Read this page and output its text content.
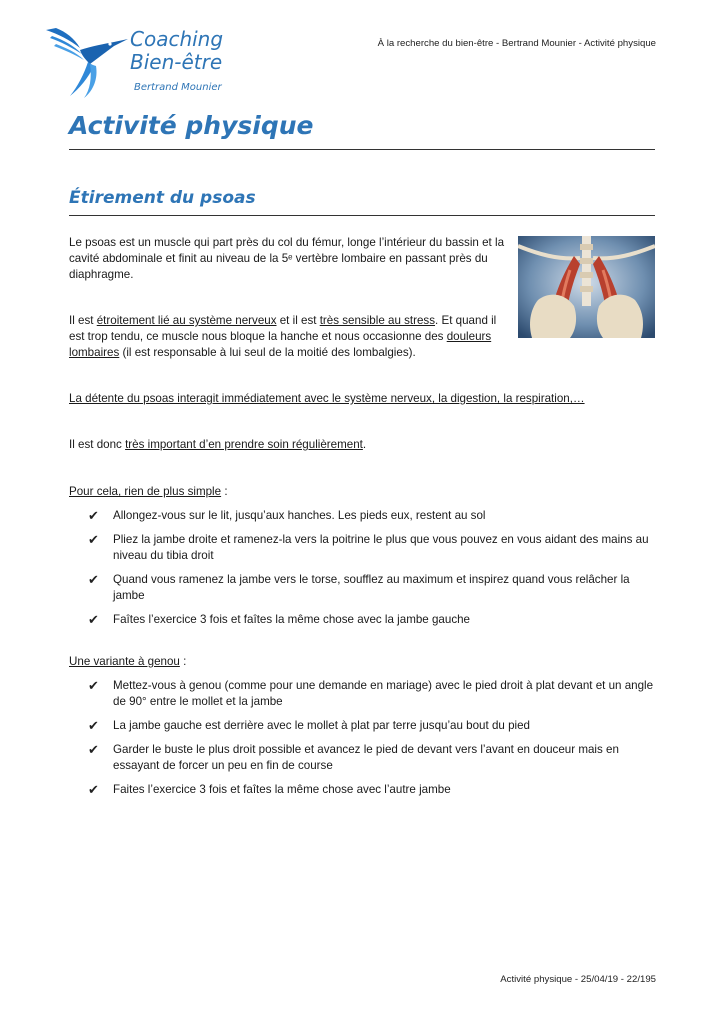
Coaching
Bien-être
Bertrand Mounier
À la recherche du bien-être - Bertrand Mounier - Activité physique
Activité physique
Étirement du psoas

Le psoas est un muscle qui part près du col du fémur, longe l’intérieur du bassin et la cavité abdominale et finit au niveau de la 5ᵉ vertèbre lombaire en passant près du diaphragme.

Il est étroitement lié au système nerveux et il est très sensible au stress. Et quand il est trop tendu, ce muscle nous bloque la hanche et nous occasionne des douleurs lombaires (il est responsable à lui seul de la moitié des lombalgies).

La détente du psoas interagit immédiatement avec le système nerveux, la digestion, la respiration,…

Il est donc très important d’en prendre soin régulièrement.

Pour cela, rien de plus simple :

✔ Allongez-vous sur le lit, jusqu’aux hanches. Les pieds eux, restent au sol
✔ Pliez la jambe droite et ramenez-la vers la poitrine le plus que vous pouvez en vous aidant des mains au niveau du tibia droit
✔ Quand vous ramenez la jambe vers le torse, soufflez au maximum et inspirez quand vous relâcher la jambe
✔ Faîtes l’exercice 3 fois et faîtes la même chose avec la jambe gauche

Une variante à genou :

✔ Mettez-vous à genou (comme pour une demande en mariage) avec le pied droit à plat devant et un angle de 90° entre le mollet et la jambe
✔ La jambe gauche est derrière avec le mollet à plat par terre jusqu’au bout du pied
✔ Garder le buste le plus droit possible et avancez le pied de devant vers l’avant en douceur mais en essayant de forcer un peu en fin de course
✔ Faites l’exercice 3 fois et faîtes la même chose avec l’autre jambe
Activité physique - 25/04/19 - 22/195
